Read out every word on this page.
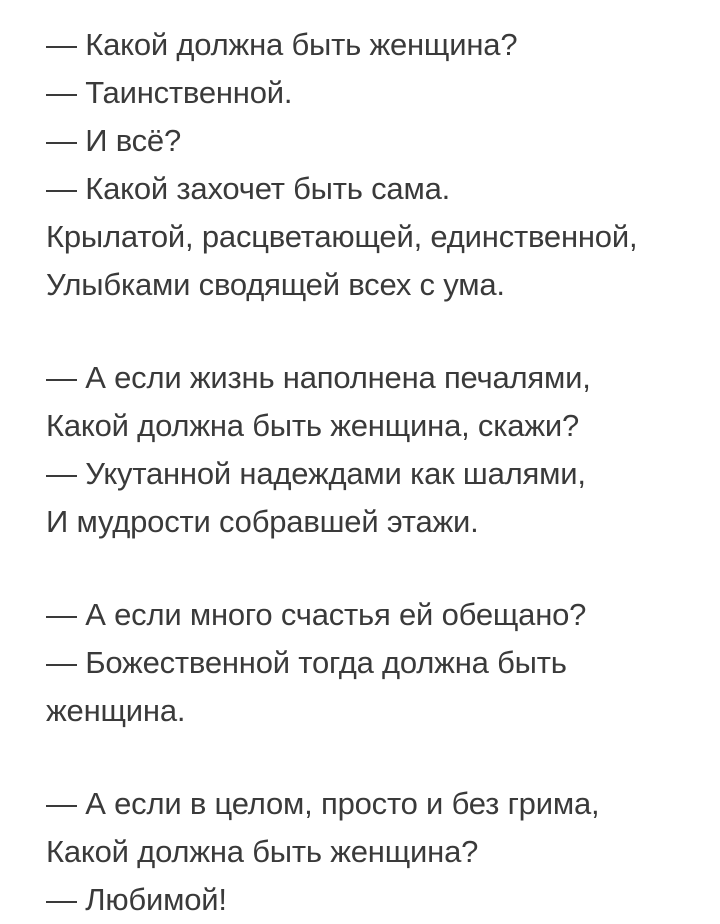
— Какой должна быть женщина?
— Таинственной.
— И всё?
— Какой захочет быть сама.
Крылатой, расцветающей, единственной,
Улыбками сводящей всех с ума.
— А если жизнь наполнена печалями,
Какой должна быть женщина, скажи?
— Укутанной надеждами как шалями,
И мудрости собравшей этажи.
— А если много счастья ей обещано?
— Божественной тогда должна быть
женщина.
— А если в целом, просто и без грима,
Какой должна быть женщина?
— Любимой!
